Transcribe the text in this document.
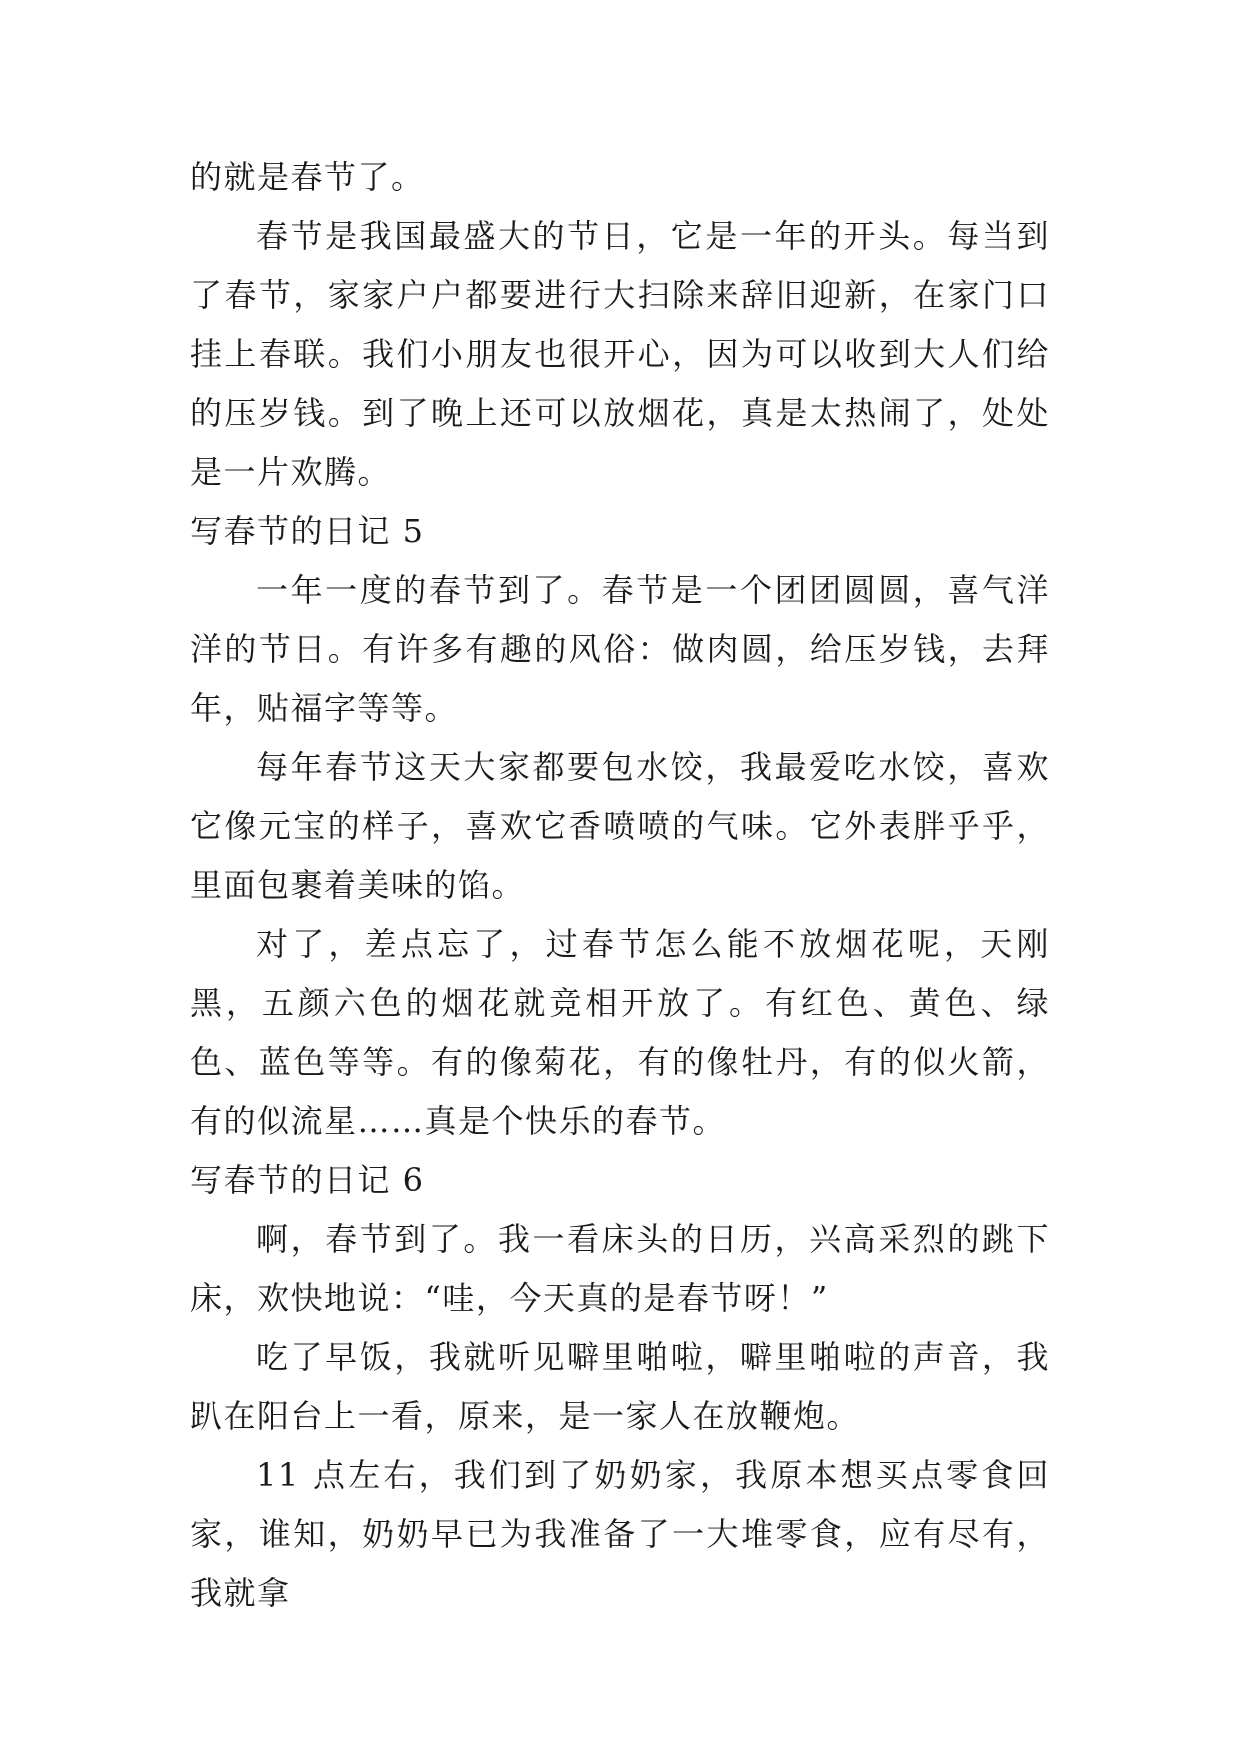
的就是春节了。

春节是我国最盛大的节日，它是一年的开头。每当到了春节，家家户户都要进行大扫除来辞旧迎新，在家门口挂上春联。我们小朋友也很开心，因为可以收到大人们给的压岁钱。到了晚上还可以放烟花，真是太热闹了，处处是一片欢腾。

写春节的日记 5

一年一度的春节到了。春节是一个团团圆圆，喜气洋洋的节日。有许多有趣的风俗：做肉圆，给压岁钱，去拜年，贴福字等等。

每年春节这天大家都要包水饺，我最爱吃水饺，喜欢它像元宝的样子，喜欢它香喷喷的气味。它外表胖乎乎，里面包裹着美味的馅。

对了，差点忘了，过春节怎么能不放烟花呢，天刚黑，五颜六色的烟花就竞相开放了。有红色、黄色、绿色、蓝色等等。有的像菊花，有的像牡丹，有的似火箭，有的似流星……真是个快乐的春节。

写春节的日记 6

啊，春节到了。我一看床头的日历，兴高采烈的跳下床，欢快地说：“哇，今天真的是春节呀！”

吃了早饭，我就听见噼里啪啦，噼里啪啦的声音，我趴在阳台上一看，原来，是一家人在放鞭炮。

11 点左右，我们到了奶奶家，我原本想买点零食回家，谁知，奶奶早已为我准备了一大堆零食，应有尽有，我就拿
